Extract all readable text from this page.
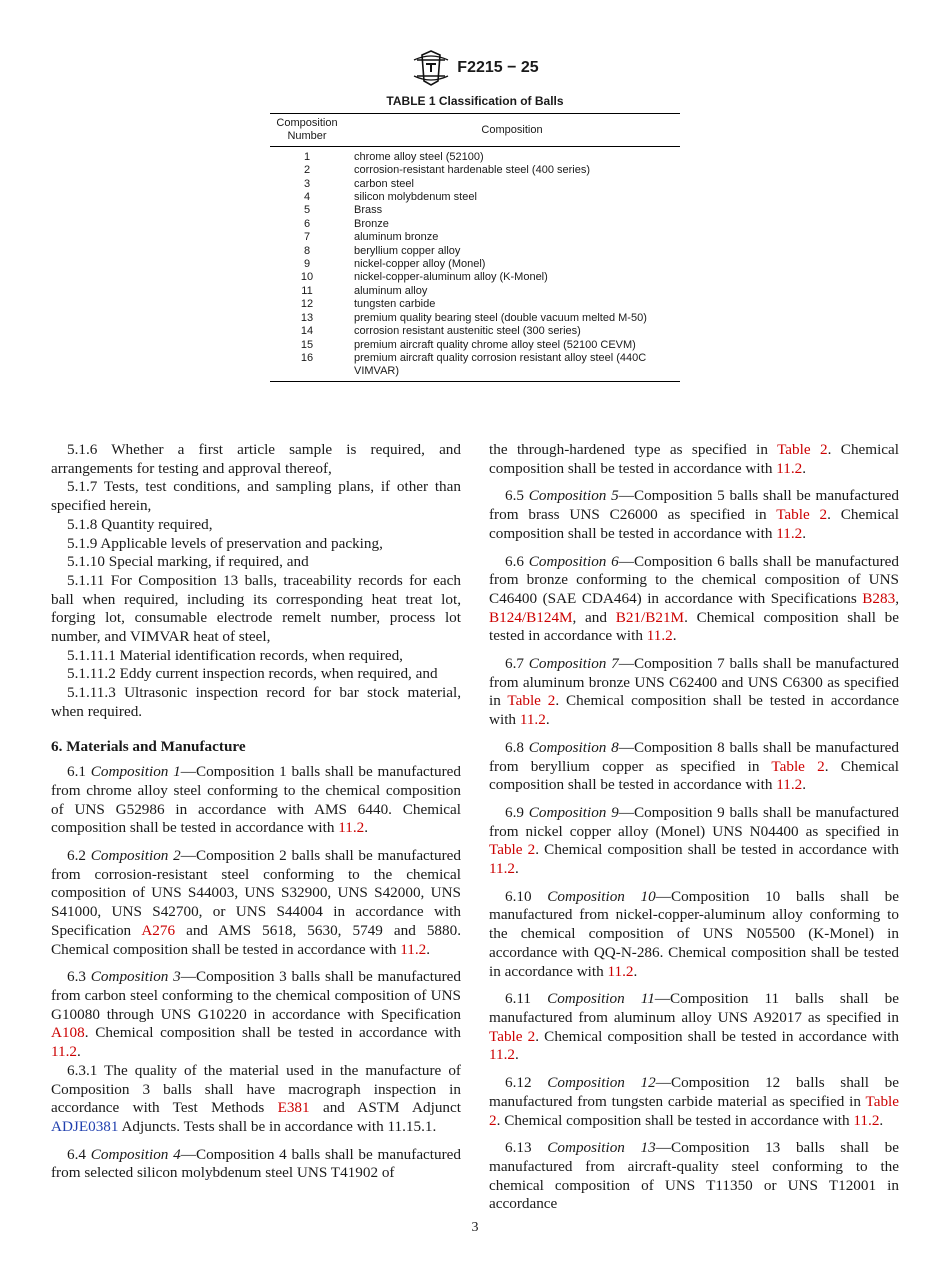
F2215 − 25
TABLE 1 Classification of Balls
Composition Number	Composition
1	chrome alloy steel (52100)
2	corrosion-resistant hardenable steel (400 series)
3	carbon steel
4	silicon molybdenum steel
5	Brass
6	Bronze
7	aluminum bronze
8	beryllium copper alloy
9	nickel-copper alloy (Monel)
10	nickel-copper-aluminum alloy (K-Monel)
11	aluminum alloy
12	tungsten carbide
13	premium quality bearing steel (double vacuum melted M-50)
14	corrosion resistant austenitic steel (300 series)
15	premium aircraft quality chrome alloy steel (52100 CEVM)
16	premium aircraft quality corrosion resistant alloy steel (440C VIMVAR)

5.1.6 Whether a first article sample is required, and arrangements for testing and approval thereof,

5.1.7 Tests, test conditions, and sampling plans, if other than specified herein,

5.1.8 Quantity required,

5.1.9 Applicable levels of preservation and packing,

5.1.10 Special marking, if required, and

5.1.11 For Composition 13 balls, traceability records for each ball when required, including its corresponding heat treat lot, forging lot, consumable electrode remelt number, process lot number, and VIMVAR heat of steel,

5.1.11.1 Material identification records, when required,

5.1.11.2 Eddy current inspection records, when required, and

5.1.11.3 Ultrasonic inspection record for bar stock material, when required.

6. Materials and Manufacture

6.1 Composition 1—Composition 1 balls shall be manufactured from chrome alloy steel conforming to the chemical composition of UNS G52986 in accordance with AMS 6440. Chemical composition shall be tested in accordance with 11.2.

6.2 Composition 2—Composition 2 balls shall be manufactured from corrosion-resistant steel conforming to the chemical composition of UNS S44003, UNS S32900, UNS S42000, UNS S41000, UNS S42700, or UNS S44004 in accordance with Specification A276 and AMS 5618, 5630, 5749 and 5880. Chemical composition shall be tested in accordance with 11.2.

6.3 Composition 3—Composition 3 balls shall be manufactured from carbon steel conforming to the chemical composition of UNS G10080 through UNS G10220 in accordance with Specification A108. Chemical composition shall be tested in accordance with 11.2.

6.3.1 The quality of the material used in the manufacture of Composition 3 balls shall have macrograph inspection in accordance with Test Methods E381 and ASTM Adjunct ADJE0381 Adjuncts. Tests shall be in accordance with 11.15.1.

6.4 Composition 4—Composition 4 balls shall be manufactured from selected silicon molybdenum steel UNS T41902 of

the through-hardened type as specified in Table 2. Chemical composition shall be tested in accordance with 11.2.

6.5 Composition 5—Composition 5 balls shall be manufactured from brass UNS C26000 as specified in Table 2. Chemical composition shall be tested in accordance with 11.2.

6.6 Composition 6—Composition 6 balls shall be manufactured from bronze conforming to the chemical composition of UNS C46400 (SAE CDA464) in accordance with Specifications B283, B124/B124M, and B21/B21M. Chemical composition shall be tested in accordance with 11.2.

6.7 Composition 7—Composition 7 balls shall be manufactured from aluminum bronze UNS C62400 and UNS C6300 as specified in Table 2. Chemical composition shall be tested in accordance with 11.2.

6.8 Composition 8—Composition 8 balls shall be manufactured from beryllium copper as specified in Table 2. Chemical composition shall be tested in accordance with 11.2.

6.9 Composition 9—Composition 9 balls shall be manufactured from nickel copper alloy (Monel) UNS N04400 as specified in Table 2. Chemical composition shall be tested in accordance with 11.2.

6.10 Composition 10—Composition 10 balls shall be manufactured from nickel-copper-aluminum alloy conforming to the chemical composition of UNS N05500 (K-Monel) in accordance with QQ-N-286. Chemical composition shall be tested in accordance with 11.2.

6.11 Composition 11—Composition 11 balls shall be manufactured from aluminum alloy UNS A92017 as specified in Table 2. Chemical composition shall be tested in accordance with 11.2.

6.12 Composition 12—Composition 12 balls shall be manufactured from tungsten carbide material as specified in Table 2. Chemical composition shall be tested in accordance with 11.2.

6.13 Composition 13—Composition 13 balls shall be manufactured from aircraft-quality steel conforming to the chemical composition of UNS T11350 or UNS T12001 in accordance

3
